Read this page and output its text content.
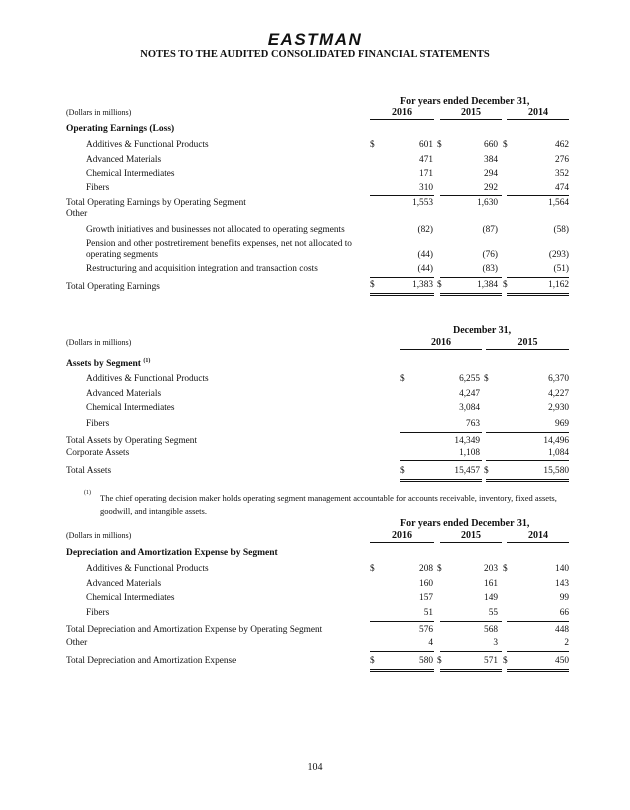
EASTMAN
NOTES TO THE AUDITED CONSOLIDATED FINANCIAL STATEMENTS
For years ended December 31,
(Dollars in millions)	2016	2015	2014
Operating Earnings (Loss)
Additives & Functional Products	$	601 $	660 $	462
Advanced Materials	471	384	276
Chemical Intermediates	171	294	352
Fibers	310	292	474
Total Operating Earnings by Operating Segment	1,553	1,630	1,564
Other
Growth initiatives and businesses not allocated to operating segments	(82)	(87)	(58)
Pension and other postretirement benefits expenses, net not allocated to
operating segments	(44)	(76)	(293)
Restructuring and acquisition integration and transaction costs	(44)	(83)	(51)
Total Operating Earnings	$	1,383 $	1,384 $	1,162
December 31,
(Dollars in millions)	2016	2015
Assets by Segment $^{(1)}$
Additives & Functional Products	$	6,255 $	6,370
Advanced Materials	4,247	4,227
Chemical Intermediates	3,084	2,930
Fibers	763	969
Total Assets by Operating Segment	14,349	14,496
Corporate Assets	1,108	1,084
Total Assets	$	15,457 $	15,580
(1) The chief operating decision maker holds operating segment management accountable for accounts receivable, inventory, fixed assets, goodwill, and intangible assets.
For years ended December 31,
(Dollars in millions)	2016	2015	2014
Depreciation and Amortization Expense by Segment
Additives & Functional Products	$	208 $	203 $	140
Advanced Materials	160	161	143
Chemical Intermediates	157	149	99
Fibers	51	55	66
Total Depreciation and Amortization Expense by Operating Segment	576	568	448
Other	4	3	2
Total Depreciation and Amortization Expense	$	580 $	571 $	450
104
